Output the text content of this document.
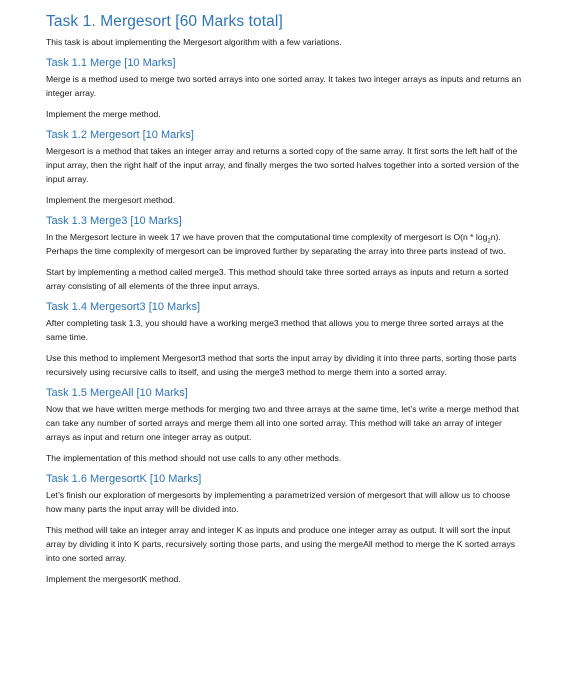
Task 1. Mergesort [60 Marks total]
This task is about implementing the Mergesort algorithm with a few variations.
Task 1.1 Merge [10 Marks]
Merge is a method used to merge two sorted arrays into one sorted array. It takes two integer arrays as inputs and returns an integer array.
Implement the merge method.
Task 1.2 Mergesort [10 Marks]
Mergesort is a method that takes an integer array and returns a sorted copy of the same array. It first sorts the left half of the input array, then the right half of the input array, and finally merges the two sorted halves together into a sorted version of the input array.
Implement the mergesort method.
Task 1.3 Merge3 [10 Marks]
In the Mergesort lecture in week 17 we have proven that the computational time complexity of mergesort is $O(n * \log_2n)$. Perhaps the time complexity of mergesort can be improved further by separating the array into three parts instead of two.
Start by implementing a method called merge3. This method should take three sorted arrays as inputs and return a sorted array consisting of all elements of the three input arrays.
Task 1.4 Mergesort3 [10 Marks]
After completing task 1.3, you should have a working merge3 method that allows you to merge three sorted arrays at the same time.
Use this method to implement Mergesort3 method that sorts the input array by dividing it into three parts, sorting those parts recursively using recursive calls to itself, and using the merge3 method to merge them into a sorted array.
Task 1.5 MergeAll [10 Marks]
Now that we have written merge methods for merging two and three arrays at the same time, let’s write a merge method that can take any number of sorted arrays and merge them all into one sorted array. This method will take an array of integer arrays as input and return one integer array as output.
The implementation of this method should not use calls to any other methods.
Task 1.6 MergesortK [10 Marks]
Let’s finish our exploration of mergesorts by implementing a parametrized version of mergesort that will allow us to choose how many parts the input array will be divided into.
This method will take an integer array and integer K as inputs and produce one integer array as output. It will sort the input array by dividing it into K parts, recursively sorting those parts, and using the mergeAll method to merge the K sorted arrays into one sorted array.
Implement the mergesortK method.
